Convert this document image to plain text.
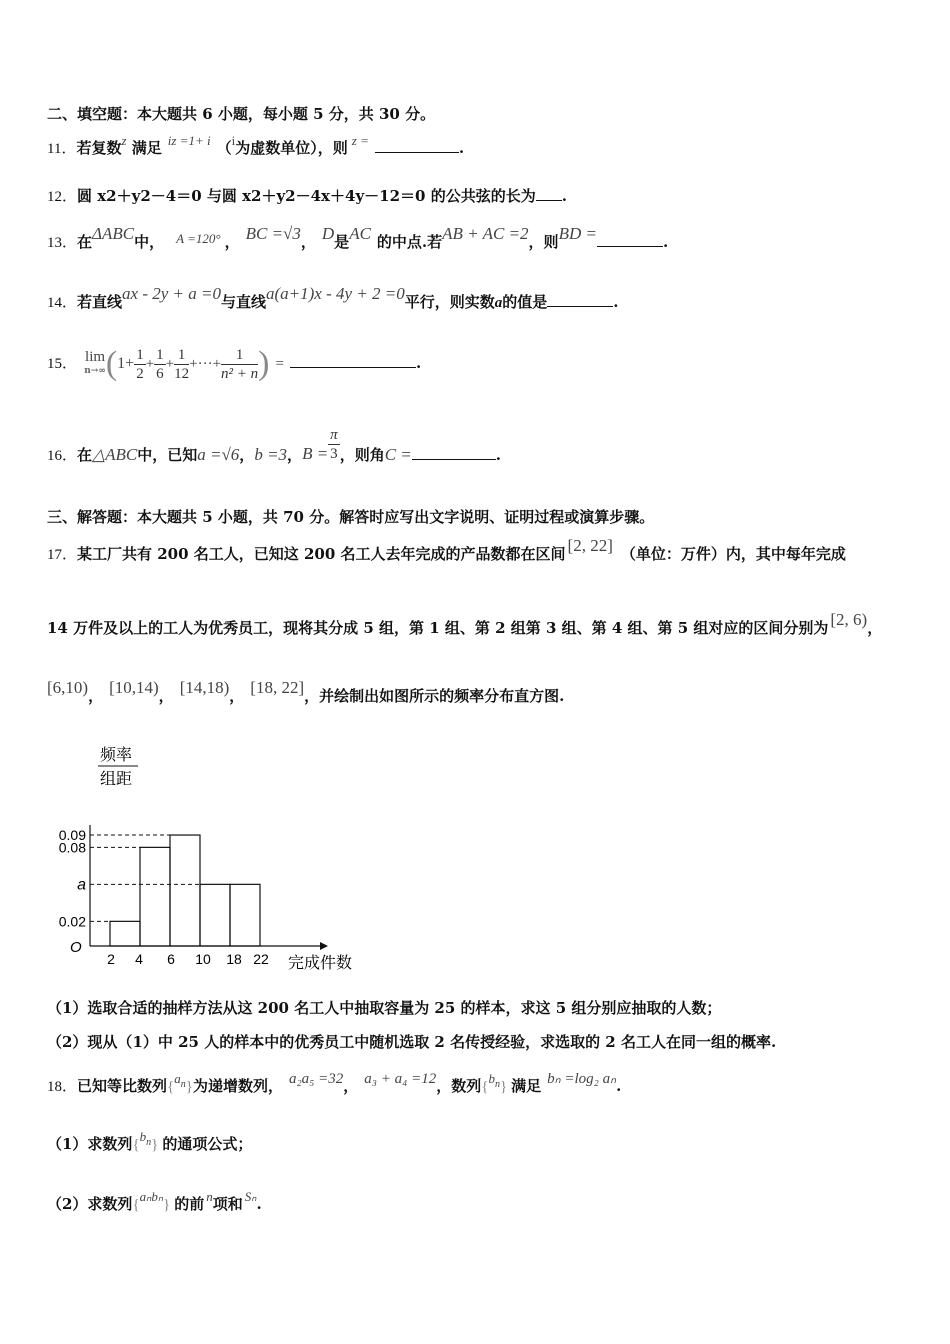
二、填空题：本大题共 6 小题，每小题 5 分，共 30 分。
11．若复数z 满足 iz =1+ i （i为虚数单位），则 z =	.
12．圆 x2＋y2－4＝0 与圆 x2＋y2－4x＋4y－12＝0 的公共弦的长为 .
13．在ΔABC中， A =120° ， BC =√3， D是AC 的中点.若AB + AC =2，则BD =	.
14．若直线ax - 2y + a =0与直线a(a+1)x - 4y + 2 =0平行，则实数a的值是	.
15． lim
n→∞ ($1+ \frac{1}{2} + \frac{1}{6} + \frac{1}{12}$ +···+ $\frac{1}{\text{n² + n}}$ ) =	.
16．在△ABC中，已知a =√6，b =3，$B = \frac{\pi}{3}$ ，则角C =	.
三、解答题：本大题共 5 小题，共 70 分。解答时应写出文字说明、证明过程或演算步骤。
17．某工厂共有 200 名工人，已知这 200 名工人去年完成的产品数都在区间 [2, 22] （单位：万件）内，其中每年完成
14 万件及以上的工人为优秀员工，现将其分成 5 组，第 1 组、第 2 组第 3 组、第 4 组、第 5 组对应的区间分别为 [2, 6)，
[6,10)， [10,14)， [14,18)， [18, 22]，并绘制出如图所示的频率分布直方图.
频率
组距
完成件数
O
0.09
0.08
a
0.02
2 4 6 10 18 22
（1）选取合适的抽样方法从这 200 名工人中抽取容量为 25 的样本，求这 5 组分别应抽取的人数；
（2）现从（1）中 25 人的样本中的优秀员工中随机选取 2 名传授经验，求选取的 2 名工人在同一组的概率.
18．已知等比数列$\{a^n\}$为递增数列， a₂a₅ =32， a₃ + a₄ =12，数列$\{b^n\}$ 满足 bₙ =log₂ aₙ.
（1）求数列$\{b^n\}$ 的通项公式；
（2）求数列{aₙbₙ} 的前 n项和 Sₙ.
